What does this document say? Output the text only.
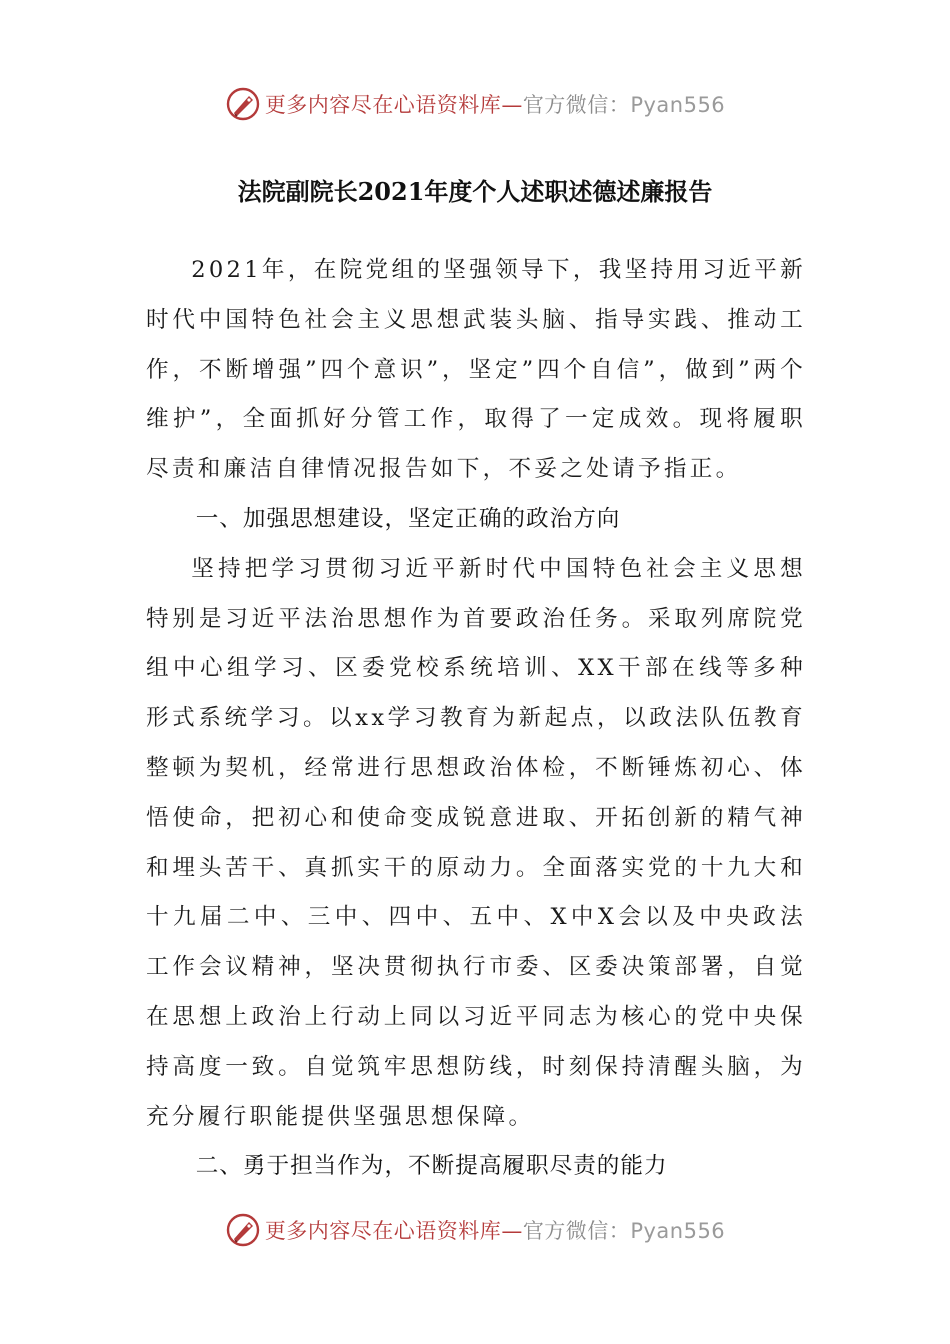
更多内容尽在心语资料库—官方微信：Pyan556
法院副院长2021年度个人述职述德述廉报告

2021年，在院党组的坚强领导下，我坚持用习近平新时代中国特色社会主义思想武装头脑、指导实践、推动工作，不断增强”四个意识”，坚定”四个自信”，做到”两个维护”，全面抓好分管工作，取得了一定成效。现将履职尽责和廉洁自律情况报告如下，不妥之处请予指正。

一、加强思想建设，坚定正确的政治方向

坚持把学习贯彻习近平新时代中国特色社会主义思想特别是习近平法治思想作为首要政治任务。采取列席院党组中心组学习、区委党校系统培训、XX干部在线等多种形式系统学习。以xx学习教育为新起点，以政法队伍教育整顿为契机，经常进行思想政治体检，不断锤炼初心、体悟使命，把初心和使命变成锐意进取、开拓创新的精气神和埋头苦干、真抓实干的原动力。全面落实党的十九大和十九届二中、三中、四中、五中、X中X会以及中央政法工作会议精神，坚决贯彻执行市委、区委决策部署，自觉在思想上政治上行动上同以习近平同志为核心的党中央保持高度一致。自觉筑牢思想防线，时刻保持清醒头脑，为充分履行职能提供坚强思想保障。

二、勇于担当作为，不断提高履职尽责的能力
更多内容尽在心语资料库—官方微信：Pyan556
